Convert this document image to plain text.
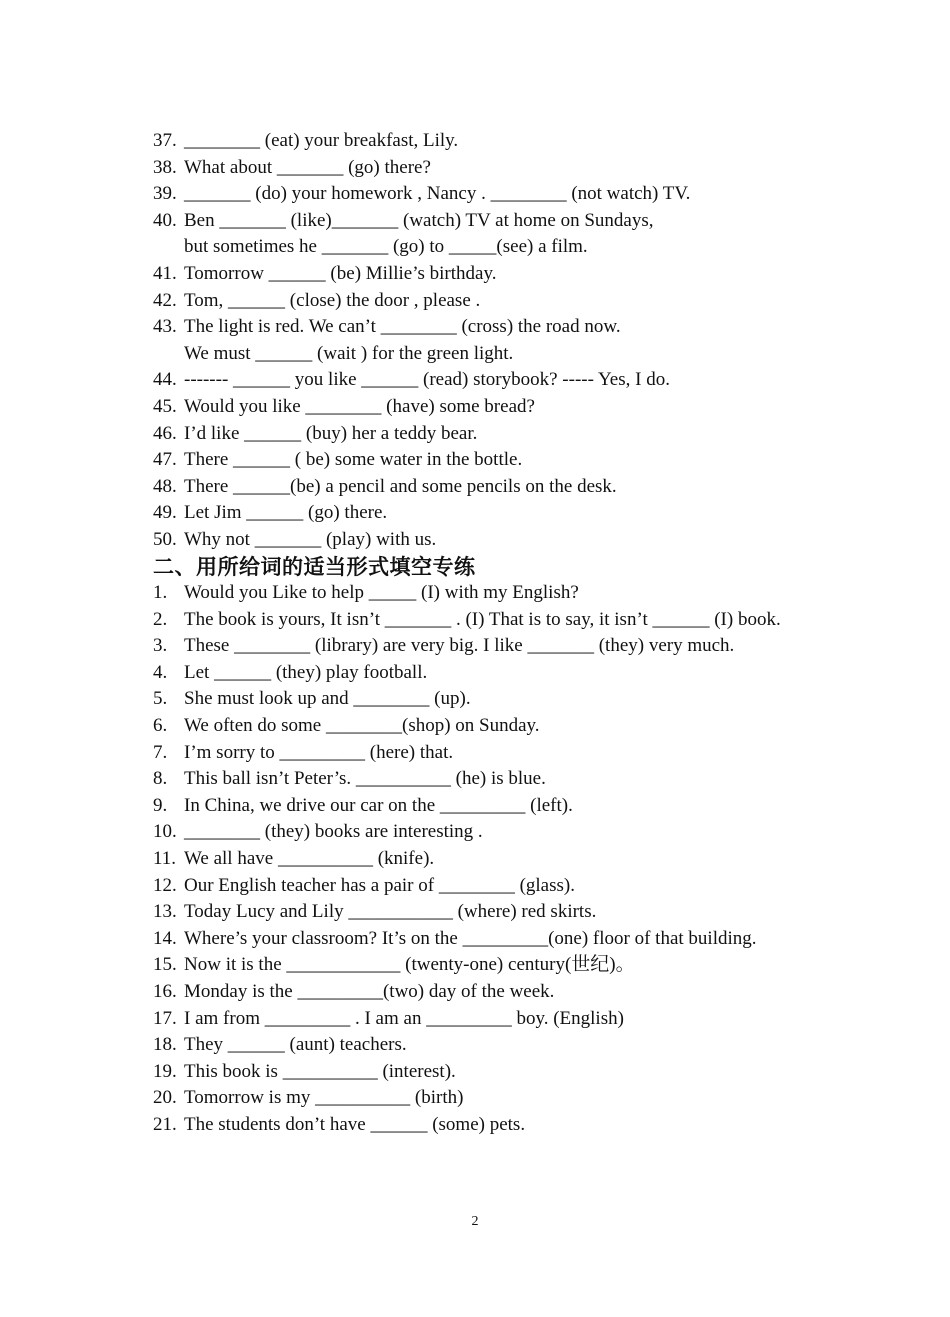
37. ________ (eat) your breakfast, Lily.
38. What about _______ (go) there?
39. _______ (do) your homework , Nancy . ________ (not watch) TV.
40. Ben _______ (like)_______ (watch) TV at home on Sundays,
but sometimes he _______ (go) to _____(see) a film.
41. Tomorrow ______ (be) Millie’s birthday.
42. Tom, ______ (close) the door , please .
43. The light is red. We can’t ________ (cross) the road now.
We must ______ (wait ) for the green light.
44. ------- ______ you like ______ (read) storybook? ----- Yes, I do.
45. Would you like ________ (have) some bread?
46. I’d like ______ (buy) her a teddy bear.
47. There ______ ( be) some water in the bottle.
48. There ______(be) a pencil and some pencils on the desk.
49. Let Jim ______ (go) there.
50. Why not _______ (play) with us.
二、用所给词的适当形式填空专练
1. Would you Like to help _____ (I) with my English?
2. The book is yours, It isn’t _______ . (I) That is to say, it isn’t ______ (I) book.
3. These ________ (library) are very big. I like _______ (they) very much.
4. Let ______ (they) play football.
5. She must look up and ________ (up).
6. We often do some ________(shop) on Sunday.
7. I’m sorry to _________ (here) that.
8. This ball isn’t Peter’s. __________ (he) is blue.
9. In China, we drive our car on the _________ (left).
10. ________ (they) books are interesting .
11. We all have __________ (knife).
12. Our English teacher has a pair of ________ (glass).
13. Today Lucy and Lily ___________ (where) red skirts.
14. Where’s your classroom? It’s on the _________(one) floor of that building.
15. Now it is the ____________ (twenty-one) century(世纪)。
16. Monday is the _________(two) day of the week.
17. I am from _________ . I am an _________ boy. (English)
18. They ______ (aunt) teachers.
19. This book is __________ (interest).
20. Tomorrow is my __________ (birth)
21. The students don’t have ______ (some) pets.
2
